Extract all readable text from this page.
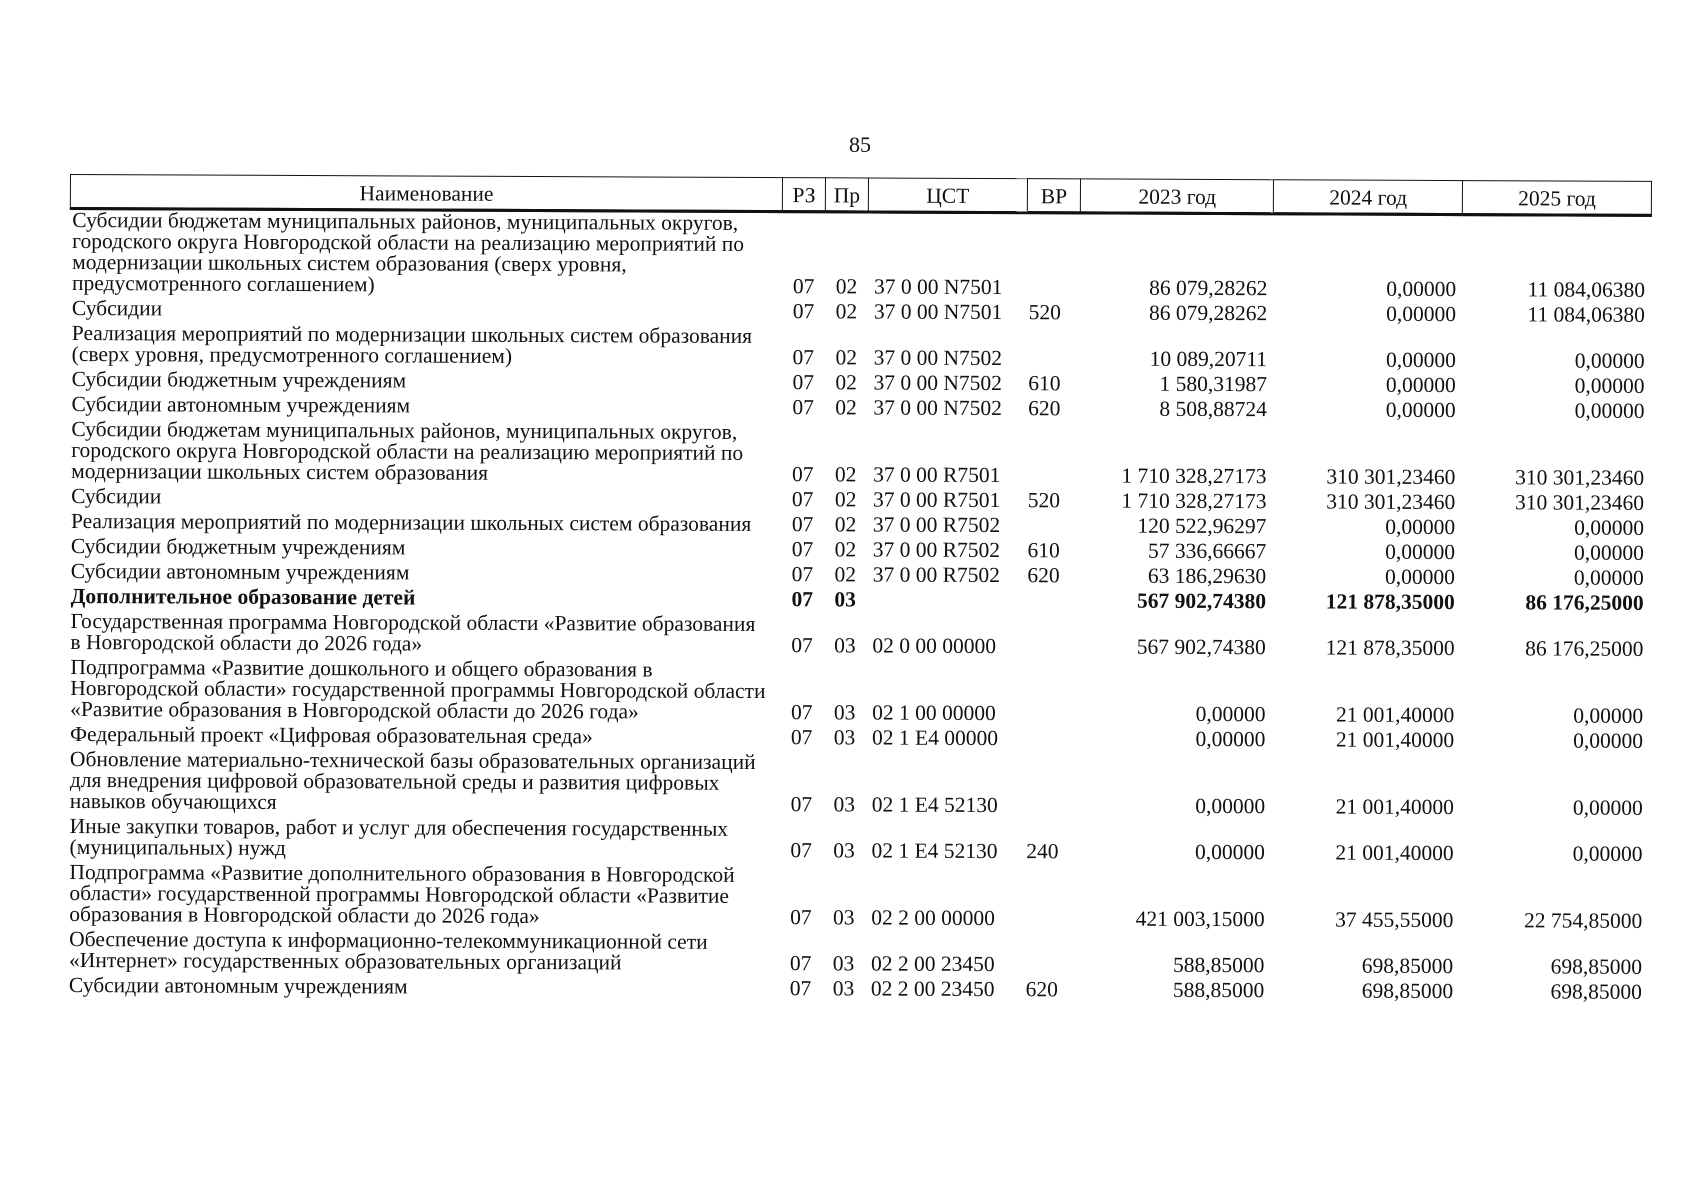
85
Наименование	РЗ	Пр	ЦСТ	ВР	2023 год	2024 год	2025 год
Субсидии бюджетам муниципальных районов, муниципальных округов, городского округа Новгородской области на реализацию мероприятий по модернизации школьных систем образования (сверх уровня, предусмотренного соглашением)	07	02	37 0 00 N7501		86 079,28262	0,00000	11 084,06380
Субсидии	07	02	37 0 00 N7501	520	86 079,28262	0,00000	11 084,06380
Реализация мероприятий по модернизации школьных систем образования (сверх уровня, предусмотренного соглашением)	07	02	37 0 00 N7502		10 089,20711	0,00000	0,00000
Субсидии бюджетным учреждениям	07	02	37 0 00 N7502	610	1 580,31987	0,00000	0,00000
Субсидии автономным учреждениям	07	02	37 0 00 N7502	620	8 508,88724	0,00000	0,00000
Субсидии бюджетам муниципальных районов, муниципальных округов, городского округа Новгородской области на реализацию мероприятий по модернизации школьных систем образования	07	02	37 0 00 R7501		1 710 328,27173	310 301,23460	310 301,23460
Субсидии	07	02	37 0 00 R7501	520	1 710 328,27173	310 301,23460	310 301,23460
Реализация мероприятий по модернизации школьных систем образования	07	02	37 0 00 R7502		120 522,96297	0,00000	0,00000
Субсидии бюджетным учреждениям	07	02	37 0 00 R7502	610	57 336,66667	0,00000	0,00000
Субсидии автономным учреждениям	07	02	37 0 00 R7502	620	63 186,29630	0,00000	0,00000
Дополнительное образование детей	07	03			567 902,74380	121 878,35000	86 176,25000
Государственная программа Новгородской области «Развитие образования в Новгородской области до 2026 года»	07	03	02 0 00 00000		567 902,74380	121 878,35000	86 176,25000
Подпрограмма «Развитие дошкольного и общего образования в Новгородской области» государственной программы Новгородской области «Развитие образования в Новгородской области до 2026 года»	07	03	02 1 00 00000		0,00000	21 001,40000	0,00000
Федеральный проект «Цифровая образовательная среда»	07	03	02 1 E4 00000		0,00000	21 001,40000	0,00000
Обновление материально-технической базы образовательных организаций для внедрения цифровой образовательной среды и развития цифровых навыков обучающихся	07	03	02 1 E4 52130		0,00000	21 001,40000	0,00000
Иные закупки товаров, работ и услуг для обеспечения государственных (муниципальных) нужд	07	03	02 1 E4 52130	240	0,00000	21 001,40000	0,00000
Подпрограмма «Развитие дополнительного образования в Новгородской области» государственной программы Новгородской области «Развитие образования в Новгородской области до 2026 года»	07	03	02 2 00 00000		421 003,15000	37 455,55000	22 754,85000
Обеспечение доступа к информационно-телекоммуникационной сети «Интернет» государственных образовательных организаций	07	03	02 2 00 23450		588,85000	698,85000	698,85000
Субсидии автономным учреждениям	07	03	02 2 00 23450	620	588,85000	698,85000	698,85000
